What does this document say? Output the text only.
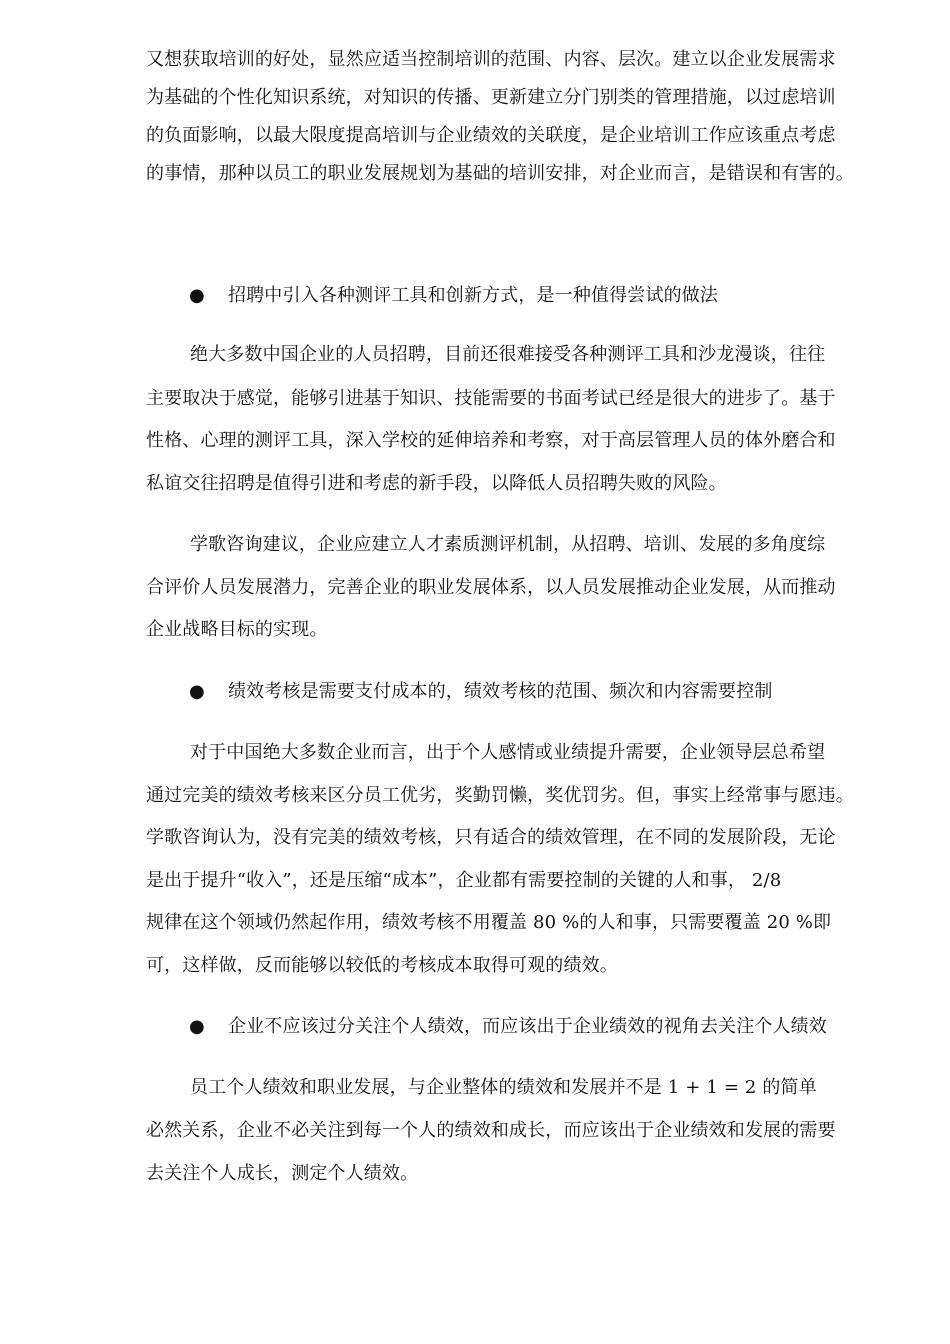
又想获取培训的好处，显然应适当控制培训的范围、内容、层次。建立以企业发展需求
为基础的个性化知识系统，对知识的传播、更新建立分门别类的管理措施，以过虑培训
的负面影响，以最大限度提高培训与企业绩效的关联度，是企业培训工作应该重点考虑
的事情，那种以员工的职业发展规划为基础的培训安排，对企业而言，是错误和有害的。
● 招聘中引入各种测评工具和创新方式，是一种值得尝试的做法
绝大多数中国企业的人员招聘，目前还很难接受各种测评工具和沙龙漫谈，往往
主要取决于感觉，能够引进基于知识、技能需要的书面考试已经是很大的进步了。基于
性格、心理的测评工具，深入学校的延伸培养和考察，对于高层管理人员的体外磨合和
私谊交往招聘是值得引进和考虑的新手段，以降低人员招聘失败的风险。
学歌咨询建议，企业应建立人才素质测评机制，从招聘、培训、发展的多角度综
合评价人员发展潜力，完善企业的职业发展体系，以人员发展推动企业发展，从而推动
企业战略目标的实现。
● 绩效考核是需要支付成本的，绩效考核的范围、频次和内容需要控制
对于中国绝大多数企业而言，出于个人感情或业绩提升需要，企业领导层总希望
通过完美的绩效考核来区分员工优劣，奖勤罚懒，奖优罚劣。但，事实上经常事与愿违。
学歌咨询认为，没有完美的绩效考核，只有适合的绩效管理，在不同的发展阶段，无论
是出于提升“收入”，还是压缩“成本”，企业都有需要控制的关键的人和事， 2/8
规律在这个领域仍然起作用，绩效考核不用覆盖 80 %的人和事，只需要覆盖 20 %即
可，这样做，反而能够以较低的考核成本取得可观的绩效。
● 企业不应该过分关注个人绩效，而应该出于企业绩效的视角去关注个人绩效
员工个人绩效和职业发展，与企业整体的绩效和发展并不是 1 + 1 = 2 的简单
必然关系，企业不必关注到每一个人的绩效和成长，而应该出于企业绩效和发展的需要
去关注个人成长，测定个人绩效。
